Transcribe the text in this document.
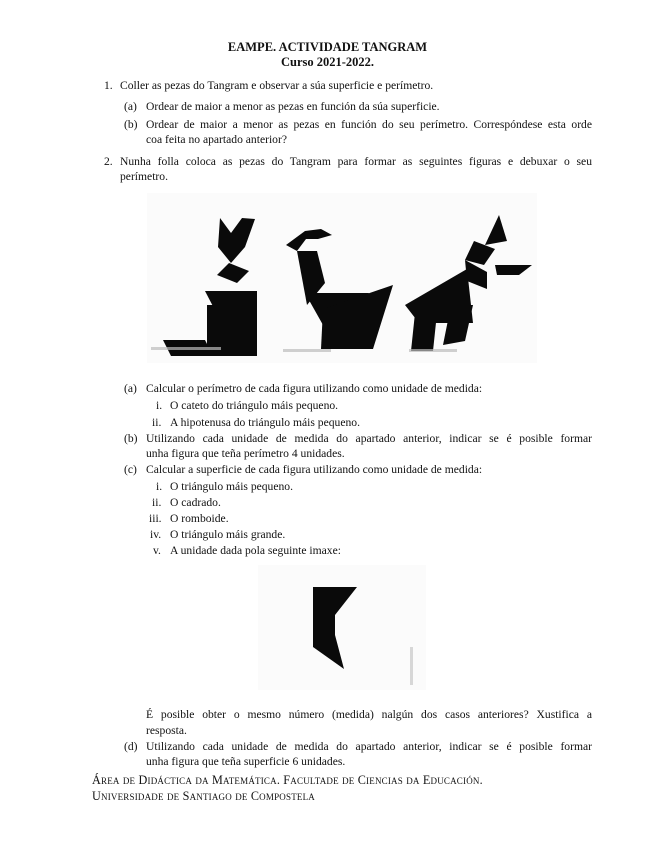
EAMPE. ACTIVIDADE TANGRAM
Curso 2021-2022.
1. Coller as pezas do Tangram e observar a súa superficie e perímetro.
(a) Ordear de maior a menor as pezas en función da súa superficie.
(b) Ordear de maior a menor as pezas en función do seu perímetro. Correspóndese esta orde
coa feita no apartado anterior?
2. Nunha folla coloca as pezas do Tangram para formar as seguintes figuras e debuxar o seu
perímetro.
(a) Calcular o perímetro de cada figura utilizando como unidade de medida:
i. O cateto do triángulo máis pequeno.
ii. A hipotenusa do triángulo máis pequeno.
(b) Utilizando cada unidade de medida do apartado anterior, indicar se é posible formar
unha figura que teña perímetro 4 unidades.
(c) Calcular a superficie de cada figura utilizando como unidade de medida:
i. O triángulo máis pequeno.
ii. O cadrado.
iii. O romboide.
iv. O triángulo máis grande.
v. A unidade dada pola seguinte imaxe:
É posible obter o mesmo número (medida) nalgún dos casos anteriores? Xustifica a
resposta.
(d) Utilizando cada unidade de medida do apartado anterior, indicar se é posible formar
unha figura que teña superficie 6 unidades.
Área de Didáctica da Matemática. Facultade de Ciencias da Educación.
Universidade de Santiago de Compostela
